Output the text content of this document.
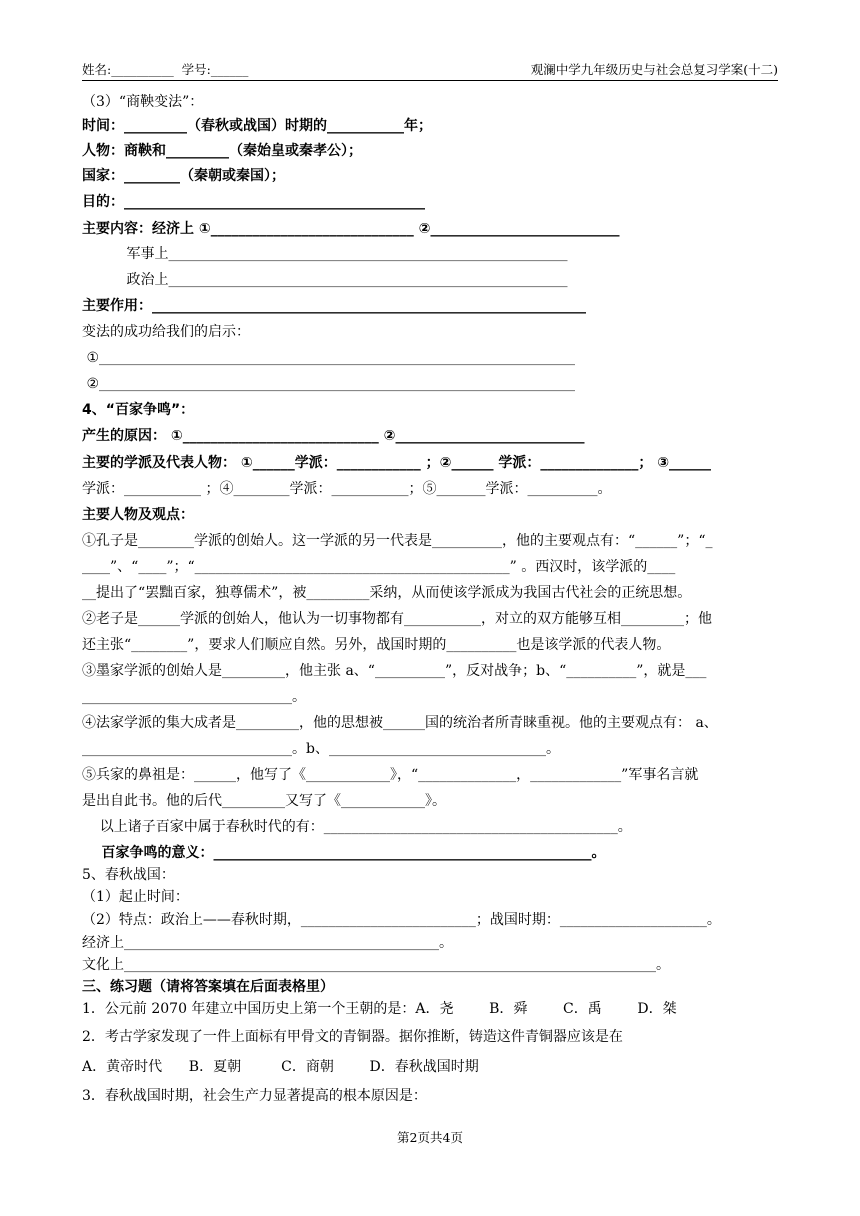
姓名:__________  学号:______	观澜中学九年级历史与社会总复习学案(十二)
（3）“商鞅变法”：
时间：_________（春秋或战国）时期的___________年；
人物：商鞅和_________（秦始皇或秦孝公）；
国家：________（秦朝或秦国）；
目的：___________________________________________
主要内容：经济上 ①_____________________________ ②___________________________
军事上_________________________________________________________
政治上_________________________________________________________
主要作用：______________________________________________________________
变法的成功给我们的启示：
①____________________________________________________________________
②____________________________________________________________________
4、“百家争鸣”：
产生的原因： ①____________________________ ②___________________________
主要的学派及代表人物： ①______学派：____________ ；②______ 学派：______________； ③______
学派：___________ ；④________学派：___________；⑤_______学派：__________。
主要人物及观点：
①孔子是________学派的创始人。这一学派的另一代表是__________，他的主要观点有：“______”；“_
____”、“____”；“_____________________________________________” 。西汉时，该学派的____
__提出了“罢黜百家，独尊儒术”，被_________采纳，从而使该学派成为我国古代社会的正统思想。
②老子是______学派的创始人，他认为一切事物都有___________，对立的双方能够互相_________；他
还主张“________”，要求人们顺应自然。另外，战国时期的__________也是该学派的代表人物。
③墨家学派的创始人是_________，他主张 a、“__________”，反对战争；b、“__________”，就是___
______________________________。
④法家学派的集大成者是_________，他的思想被______国的统治者所青睐重视。他的主要观点有： a、
______________________________。b、_______________________________。
⑤兵家的鼻祖是：______，他写了《____________》，“______________，_____________”军事名言就
是出自此书。他的后代_________又写了《____________》。
以上诸子百家中属于春秋时代的有：__________________________________________。
百家争鸣的意义：______________________________________________________。
5、春秋战国：
（1）起止时间：
（2）特点：政治上——春秋时期，_________________________；战国时期：_____________________。
经济上_____________________________________________。
文化上____________________________________________________________________________。
三、练习题（请将答案填在后面表格里）
1．公元前 2070 年建立中国历史上第一个王朝的是：A．尧        B．舜        C．禹        D．桀
2．考古学家发现了一件上面标有甲骨文的青铜器。据你推断，铸造这件青铜器应该是在
A．黄帝时代      B．夏朝         C．商朝        D．春秋战国时期
3．春秋战国时期，社会生产力显著提高的根本原因是：
第2页共4页
